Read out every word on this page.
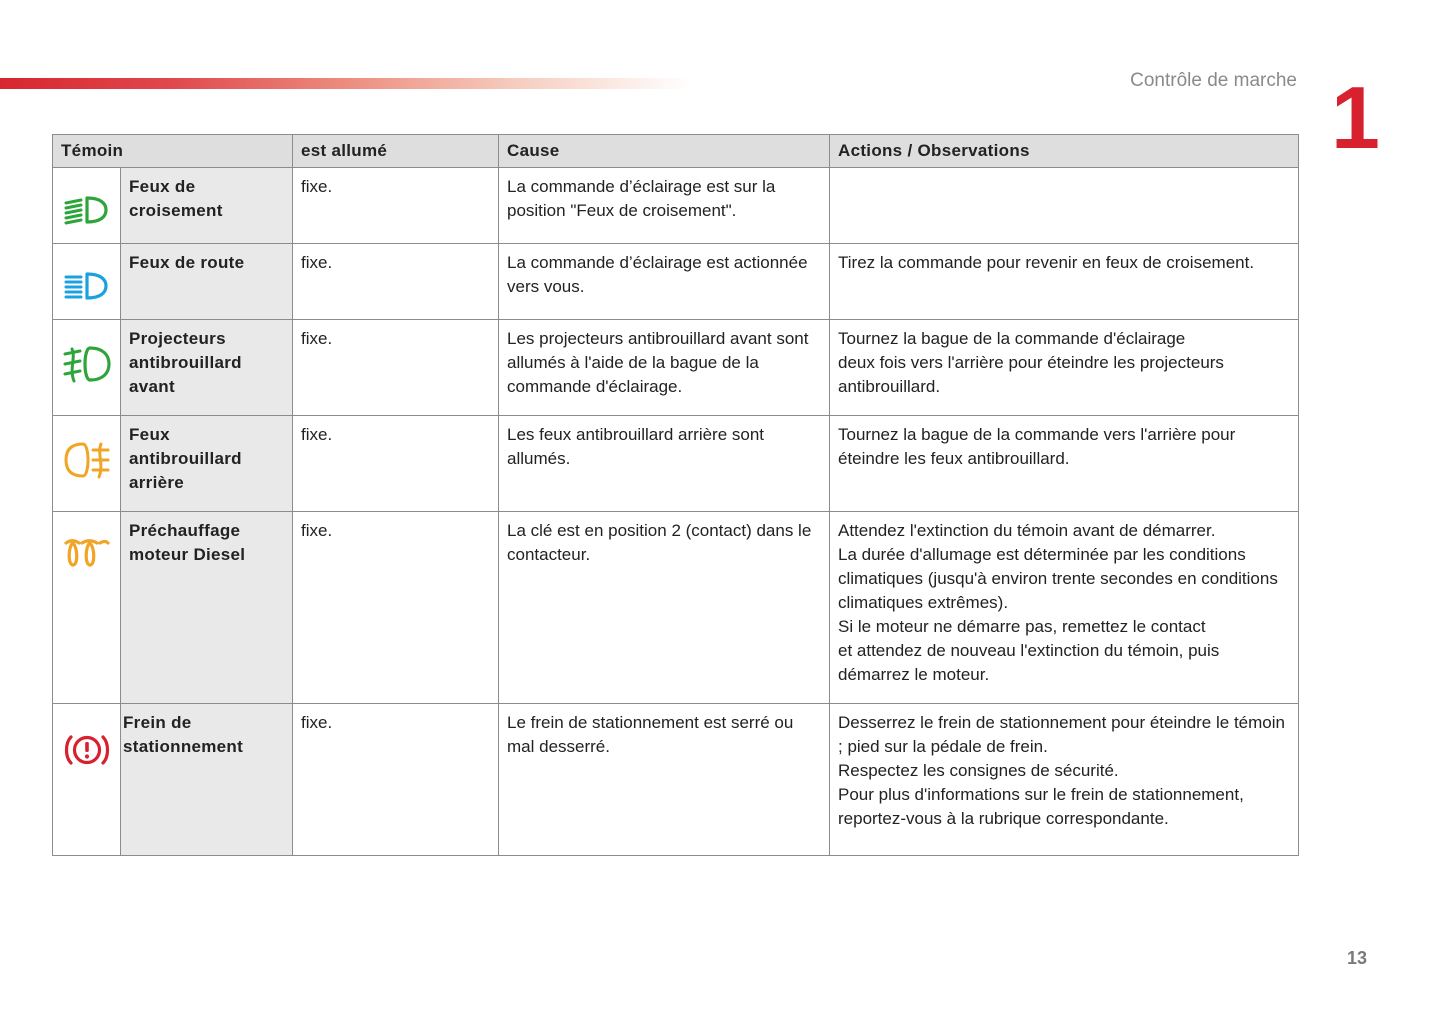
Contrôle de marche 1
Témoin		est allumé	Cause	Actions / Observations

	Feux de croisement	fixe.	La commande d’éclairage est sur la position "Feux de croisement".	

	Feux de route	fixe.	La commande d’éclairage est actionnée vers vous.	Tirez la commande pour revenir en feux de croisement.

	Projecteurs antibrouillard avant	fixe.	Les projecteurs antibrouillard avant sont allumés à l'aide de la bague de la commande d'éclairage.	Tournez la bague de la commande d'éclairage
deux fois vers l'arrière pour éteindre les projecteurs antibrouillard.

	Feux antibrouillard arrière	fixe.	Les feux antibrouillard arrière sont allumés.	Tournez la bague de la commande vers l'arrière pour éteindre les feux antibrouillard.

	Préchauffage moteur Diesel	fixe.	La clé est en position 2 (contact) dans le contacteur.	Attendez l'extinction du témoin avant de démarrer.
La durée d'allumage est déterminée par les conditions climatiques (jusqu'à environ trente secondes en conditions climatiques extrêmes).
Si le moteur ne démarre pas, remettez le contact
et attendez de nouveau l'extinction du témoin, puis démarrez le moteur.

	Frein de stationnement	fixe.	Le frein de stationnement est serré ou mal desserré.	Desserrez le frein de stationnement pour éteindre le témoin ; pied sur la pédale de frein.
Respectez les consignes de sécurité.
Pour plus d'informations sur le frein de stationnement, reportez-vous à la rubrique correspondante.
13
